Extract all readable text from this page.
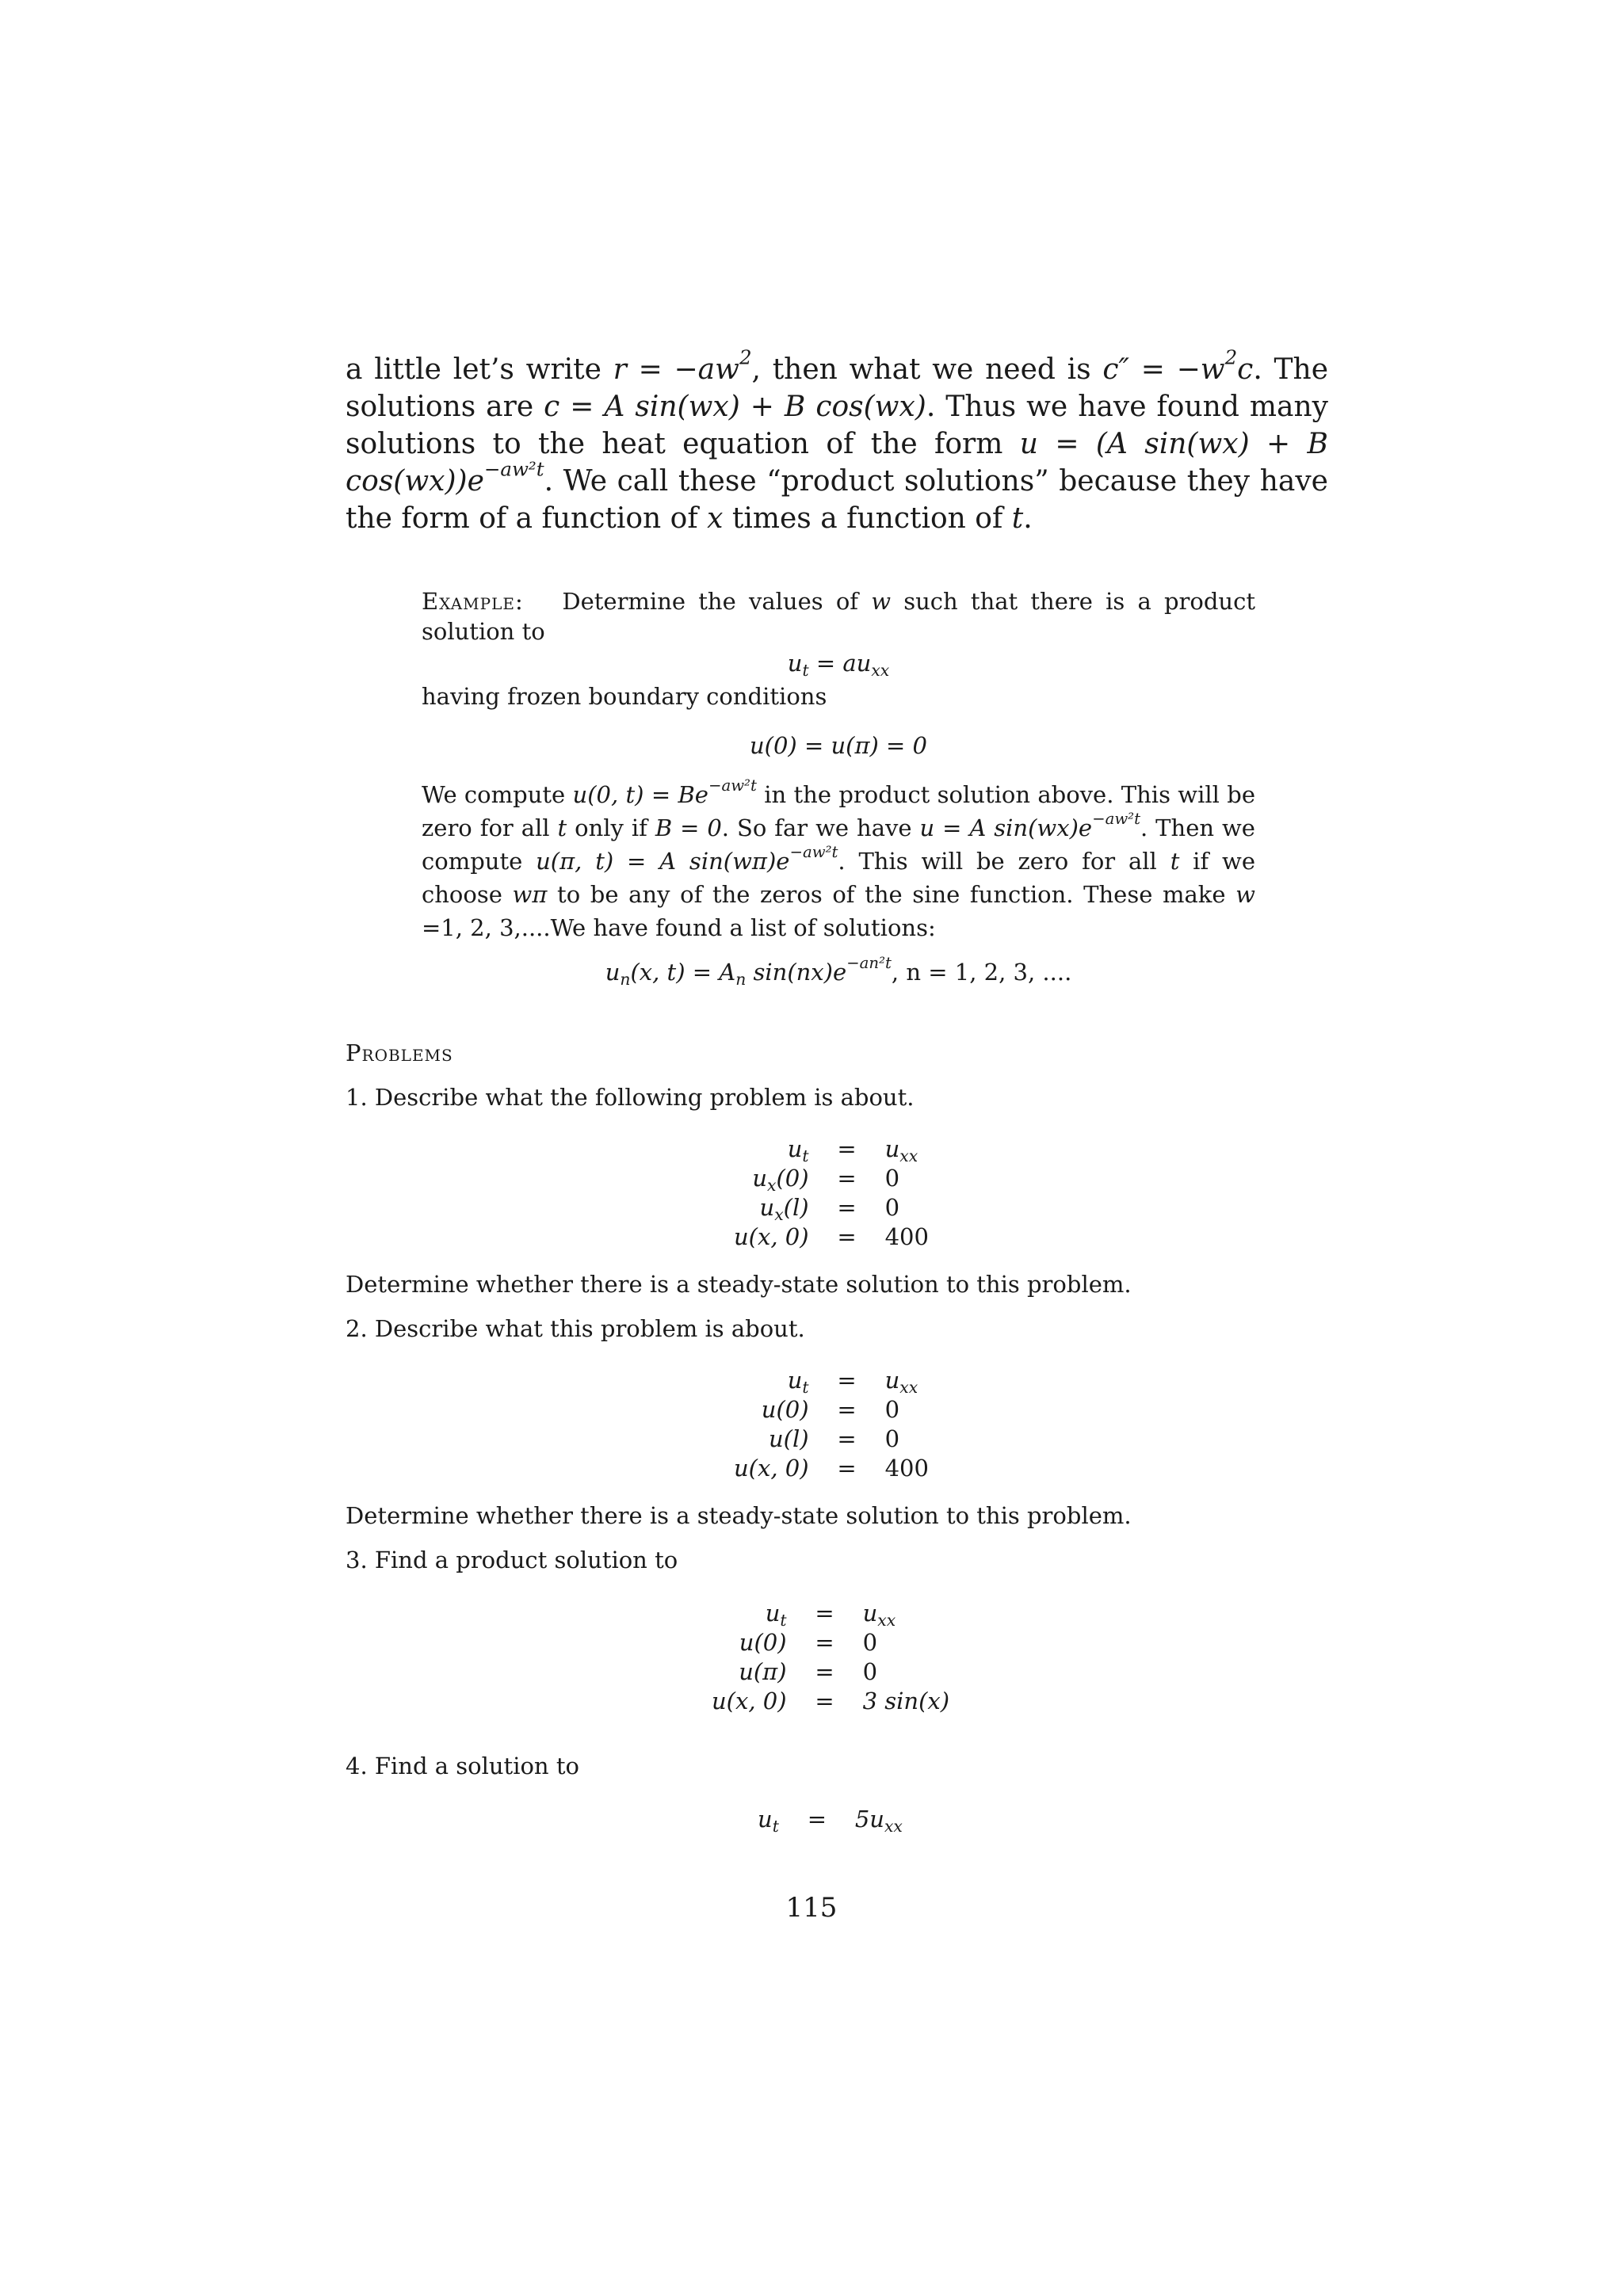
a little let’s write $r = -aw^2$, then what we need is $c'' = -w^2c$. The solutions are c = A sin(wx) + B cos(wx). Thus we have found many solutions to the heat equation of the form u = (A sin(wx) + B $\cos(wx))e^{-aw^2t}$. We call these “product solutions” because they have the form of a function of x times a function of t.

Example: Determine the values of w such that there is a product solution to

$u_t = au_{xx}$

having frozen boundary conditions

u(0) = u(π) = 0

We compute u(0, $t) = Be^{-aw^2t}$ in the product solution above. This will be zero for all t only if B = 0. So far we have u = A $\sin(wx)e^{-aw^2t}$. Then we compute u(π, t) = A $\sin(w\pi)e^{-aw^2t}$. This will be zero for all t if we choose wπ to be any of the zeros of the sine function. These make w =1, 2, 3,....We have found a list of solutions:

$u_n(x$, $t) = A_n$ $\sin(nx)e^{-an^2t}$, n = 1, 2, 3, ....

Problems

1. Describe what the following problem is about.

$u_t$	=	$u_{xx}$
$u_x(0)$	=	0
$u_x(l)$	=	0
u(x, 0)	=	400

Determine whether there is a steady-state solution to this problem.

2. Describe what this problem is about.

$u_t$	=	$u_{xx}$
u(0)	=	0
u(l)	=	0
u(x, 0)	=	400

Determine whether there is a steady-state solution to this problem.

3. Find a product solution to

$u_t$	=	$u_{xx}$
u(0)	=	0
u(π)	=	0
u(x, 0)	=	3 sin(x)

4. Find a solution to

$u_t$	=	$5u_{xx}$
115
